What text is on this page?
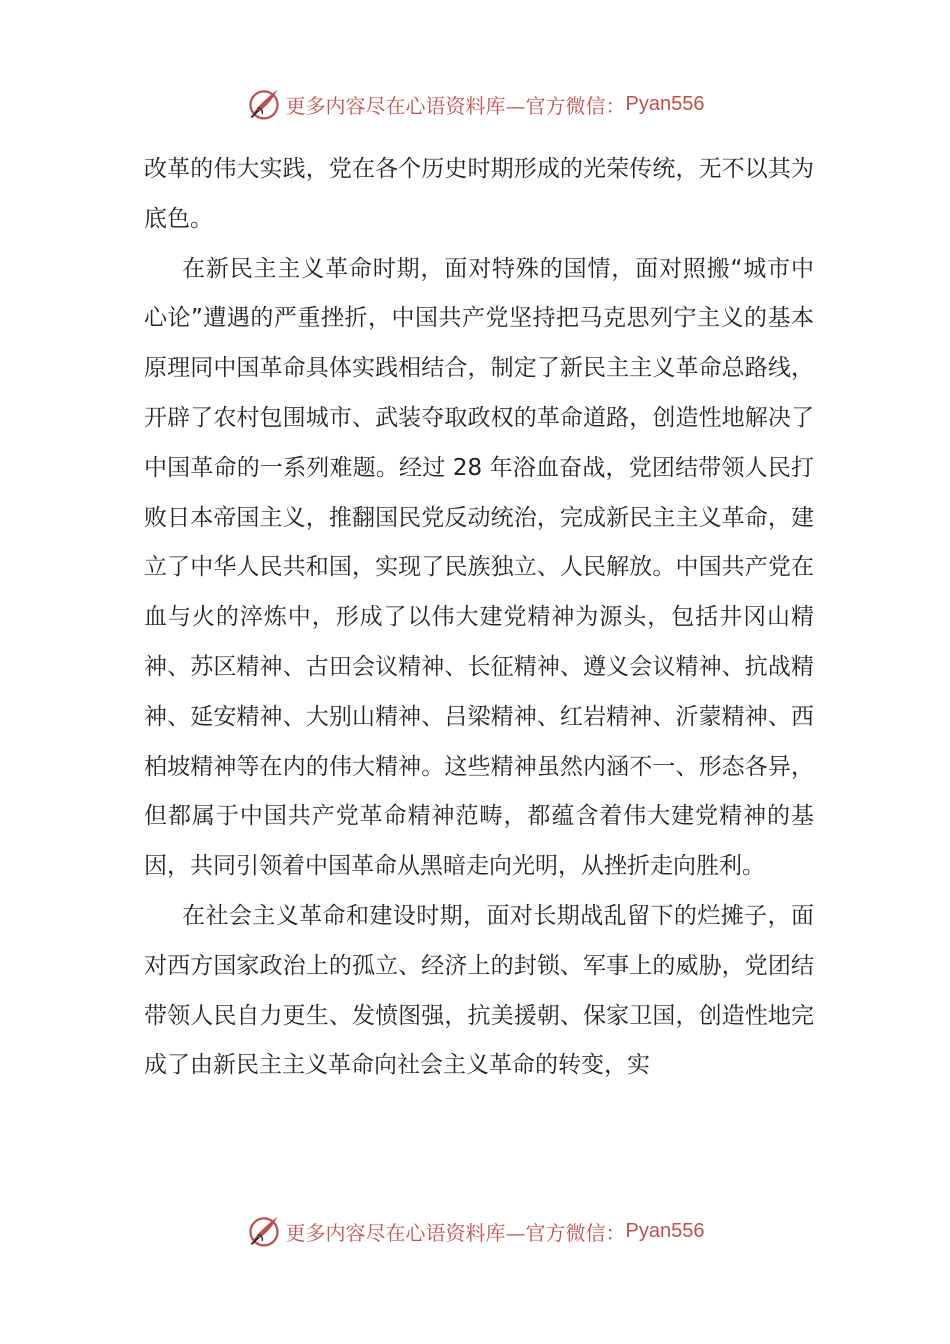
更多内容尽在心语资料库—官方微信： Pyan556

改革的伟大实践，党在各个历史时期形成的光荣传统，无不以其为底色。

在新民主主义革命时期，面对特殊的国情，面对照搬“城市中心论”遭遇的严重挫折，中国共产党坚持把马克思列宁主义的基本原理同中国革命具体实践相结合，制定了新民主主义革命总路线，开辟了农村包围城市、武装夺取政权的革命道路，创造性地解决了中国革命的一系列难题。经过 28 年浴血奋战，党团结带领人民打败日本帝国主义，推翻国民党反动统治，完成新民主主义革命，建立了中华人民共和国，实现了民族独立、人民解放。中国共产党在血与火的淬炼中，形成了以伟大建党精神为源头，包括井冈山精神、苏区精神、古田会议精神、长征精神、遵义会议精神、抗战精神、延安精神、大别山精神、吕梁精神、红岩精神、沂蒙精神、西柏坡精神等在内的伟大精神。这些精神虽然内涵不一、形态各异，但都属于中国共产党革命精神范畴，都蕴含着伟大建党精神的基因，共同引领着中国革命从黑暗走向光明，从挫折走向胜利。

在社会主义革命和建设时期，面对长期战乱留下的烂摊子，面对西方国家政治上的孤立、经济上的封锁、军事上的威胁，党团结带领人民自力更生、发愤图强，抗美援朝、保家卫国，创造性地完成了由新民主主义革命向社会主义革命的转变，实

更多内容尽在心语资料库—官方微信： Pyan556
